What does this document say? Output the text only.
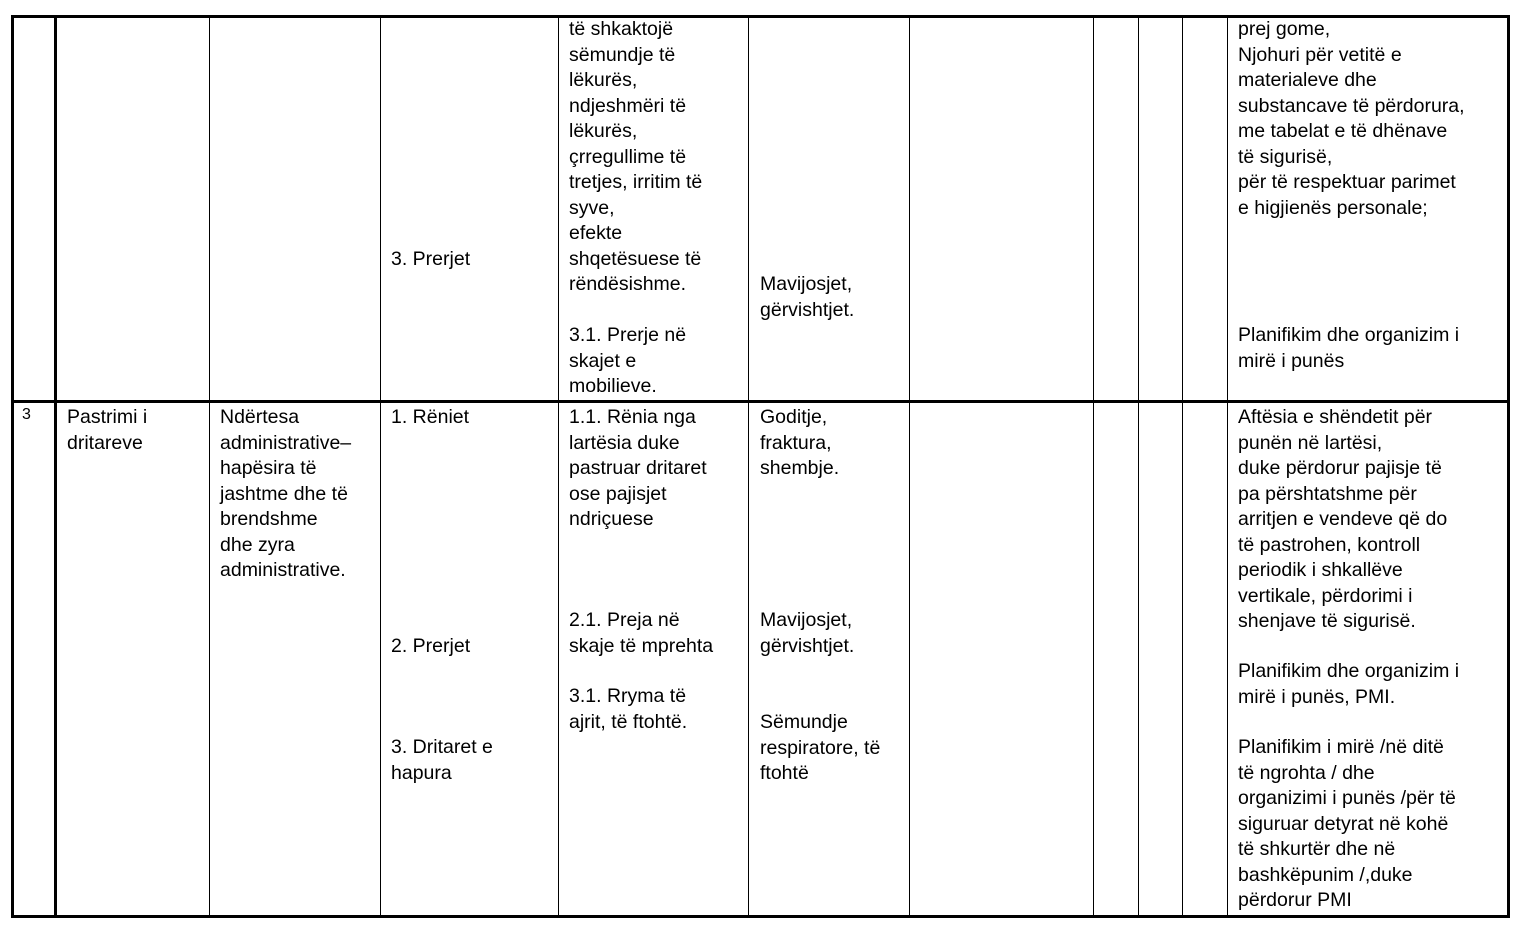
3. Prerjet
të shkaktojë
sëmundje të
lëkurës,
ndjeshmëri të
lëkurës,
çrregullime të
tretjes, irritim të
syve,
efekte
shqetësuese të
rëndësishme.
3.1. Prerje në
skajet e
mobilieve.
Mavijosjet,
gërvishtjet.
prej gome,
Njohuri për vetitë e
materialeve dhe
substancave të përdorura,
me tabelat e të dhënave
të sigurisë,
për të respektuar parimet
e higjienës personale;
Planifikim dhe organizim i
mirë i punës
3 Pastrimi i
dritareve
Ndërtesa
administrative–
hapësira të
jashtme dhe të
brendshme
dhe zyra
administrative.
1. Rëniet
2. Prerjet
3. Dritaret e
hapura
1.1. Rënia nga
lartësia duke
pastruar dritaret
ose pajisjet
ndriçuese
2.1. Preja në
skaje të mprehta
3.1. Rryma të
ajrit, të ftohtë.
Goditje,
fraktura,
shembje.
Mavijosjet,
gërvishtjet.
Sëmundje
respiratore, të
ftohtë
Aftësia e shëndetit për
punën në lartësi,
duke përdorur pajisje të
pa përshtatshme për
arritjen e vendeve që do
të pastrohen, kontroll
periodik i shkallëve
vertikale, përdorimi i
shenjave të sigurisë.
Planifikim dhe organizim i
mirë i punës, PMI.
Planifikim i mirë /në ditë
të ngrohta / dhe
organizimi i punës /për të
siguruar detyrat në kohë
të shkurtër dhe në
bashkëpunim /,duke
përdorur PMI
